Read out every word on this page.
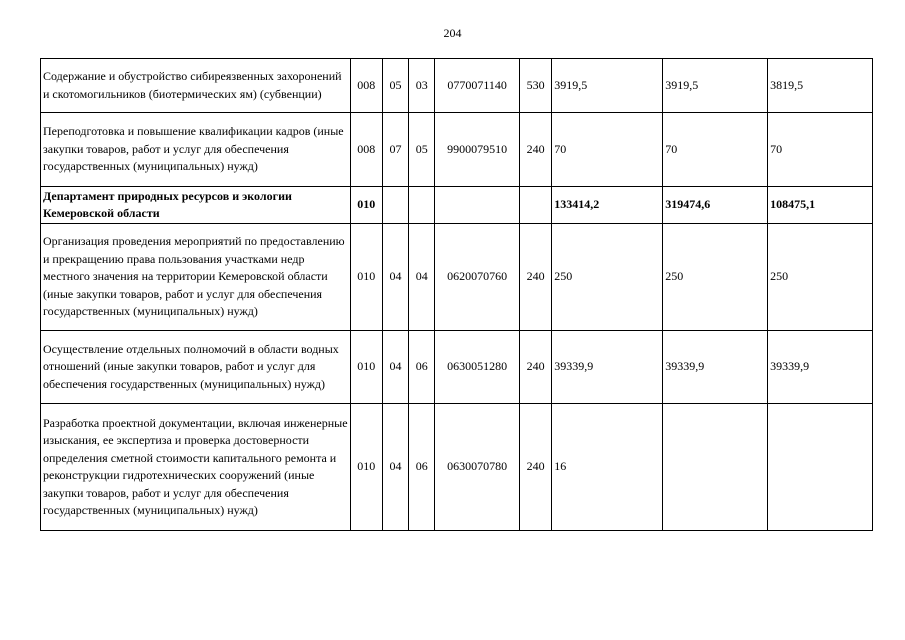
204
Содержание и обустройство сибиреязвенных захоронений и скотомогильников (биотермических ям) (субвенции)	008	05	03	0770071140	530	3919,5	3919,5	3819,5
Переподготовка и повышение квалификации кадров (иные закупки товаров, работ и услуг для обеспечения государственных (муниципальных) нужд)	008	07	05	9900079510	240	70	70	70
Департамент природных ресурсов и экологии Кемеровской области	010					133414,2	319474,6	108475,1
Организация проведения мероприятий по предоставлению и прекращению права пользования участками недр местного значения на территории Кемеровской области (иные закупки товаров, работ и услуг для обеспечения государственных (муниципальных) нужд)	010	04	04	0620070760	240	250	250	250
Осуществление отдельных полномочий в области водных отношений (иные закупки товаров, работ и услуг для обеспечения государственных (муниципальных) нужд)	010	04	06	0630051280	240	39339,9	39339,9	39339,9
Разработка проектной документации, включая инженерные изыскания, ее экспертиза и проверка достоверности определения сметной стоимости капитального ремонта и реконструкции гидротехнических сооружений (иные закупки товаров, работ и услуг для обеспечения государственных (муниципальных) нужд)	010	04	06	0630070780	240	16		
